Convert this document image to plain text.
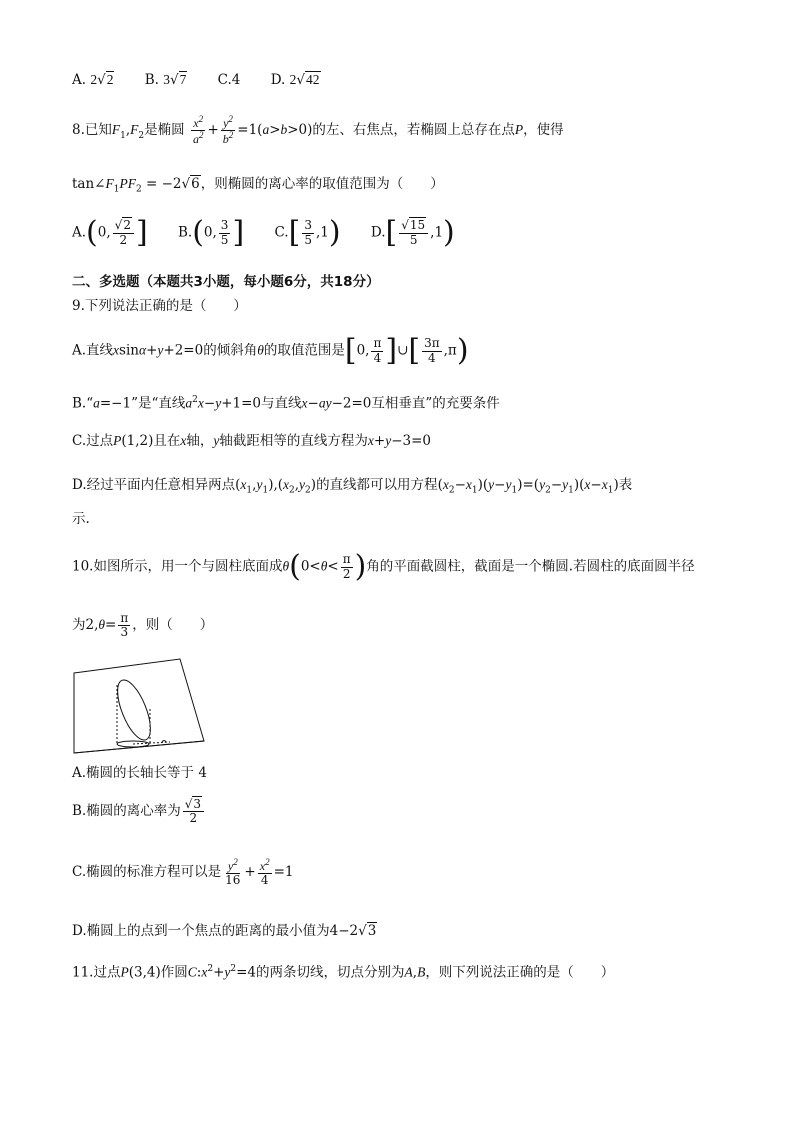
A. 2√2 B. 3√7 C.4 D. 2√42
8.已知$F_1,F_2$是椭圆 $\frac{x^2}{a^2} + \frac{y^2}{b^2} =1(a>b>0)$的左、右焦点，若椭圆上总存在点P，使得
$\tan\angle F_1PF_2 = -2√6$，则椭圆的离心率的取值范围为（　　）
A.(0, $\frac{√2}{2}$ ] B.(0, $\frac{3}{5}$ ] $C.[ \frac{3}{5} ,1)$ $D.[ \frac{√15}{5} ,1)$
二、多选题（本题共3小题，每小题6分，共18分）
9.下列说法正确的是（　　）
A.直线xsinα+y+2=0的倾斜角θ的取值范围是[0, $\frac{\pi}{4}$ ]∪[ $\frac{3\pi}{4} ,\pi$)
B.“a=−1”是“直线$a^2x-y+1=0$与直线x−ay−2=0互相垂直”的充要条件
C.过点P(1,2)且在x轴，y轴截距相等的直线方程为x+y−3=0
D.经过平面内任意相异两点$(x_1,y_1),(x_2,y_2)$的直线都可以用方程$(x_2-x_1)(y-y_1)=(y_2-y_1)(x-x_1)$表
示.
10.如图所示，用一个与圆柱底面成$\theta(0<\theta< \frac{\pi}{2}$ )角的平面截圆柱，截面是一个椭圆.若圆柱的底面圆半径
为$2,\theta= \frac{\pi}{3}$ ，则（　　）
A.椭圆的长轴长等于 4
B.椭圆的离心率为 $\frac{√3}{2}$
C.椭圆的标准方程可以是 $\frac{y^2}{16} + \frac{x^2}{4} =1$
D.椭圆上的点到一个焦点的距离的最小值为4−2√3
11.过点P(3,4)作圆$C:x^2+y^2=4$的两条切线，切点分别为A,B，则下列说法正确的是（　　）
